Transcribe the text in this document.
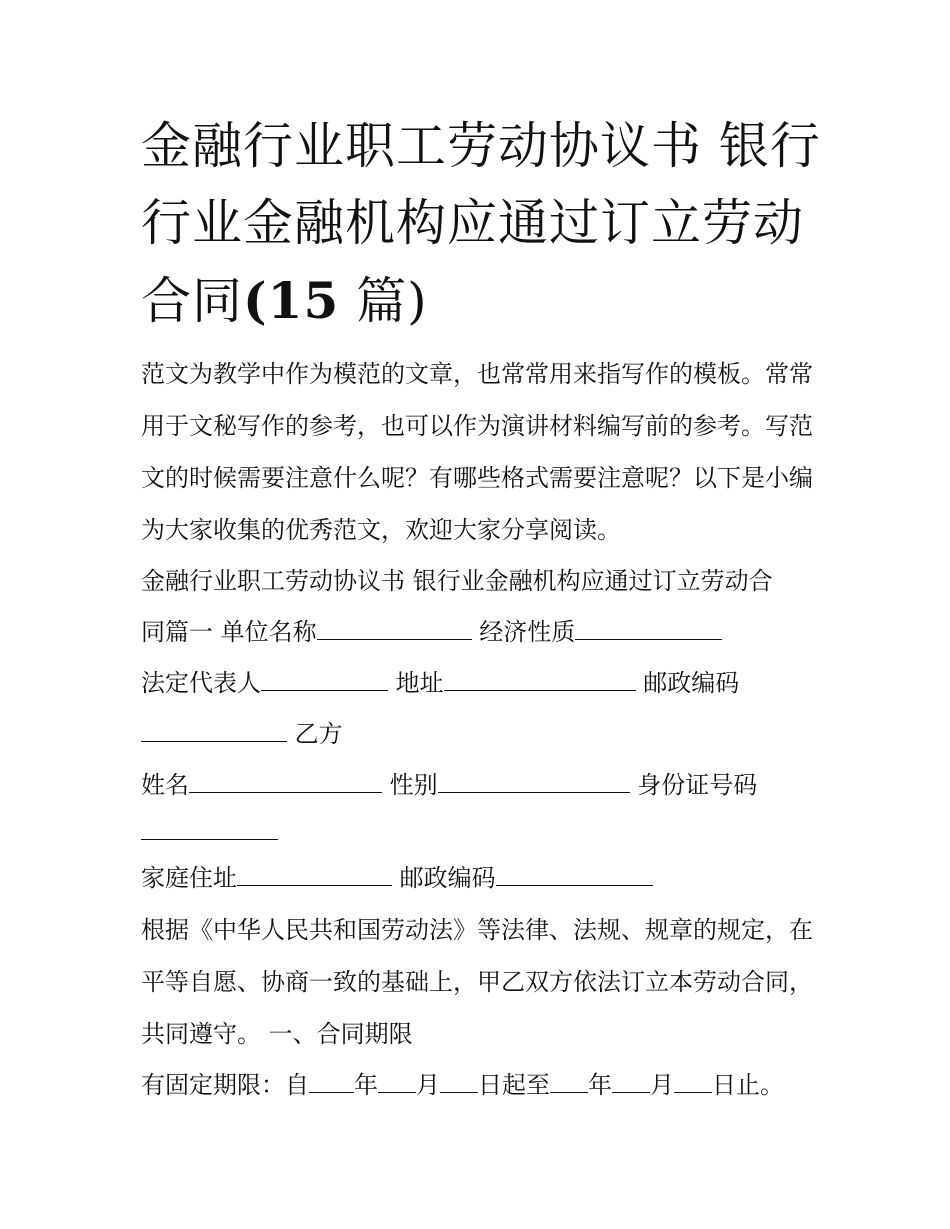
金融行业职工劳动协议书 银行行业金融机构应通过订立劳动合同(15 篇)

范文为教学中作为模范的文章，也常常用来指写作的模板。常常用于文秘写作的参考，也可以作为演讲材料编写前的参考。写范文的时候需要注意什么呢？有哪些格式需要注意呢？以下是小编为大家收集的优秀范文，欢迎大家分享阅读。

金融行业职工劳动协议书 银行业金融机构应通过订立劳动合

同篇一 单位名称	经济性质

法定代表人	地址	邮政编码

乙方

姓名	性别	身份证号码

家庭住址	邮政编码

根据《中华人民共和国劳动法》等法律、法规、规章的规定，在平等自愿、协商一致的基础上，甲乙双方依法订立本劳动合同，共同遵守。 一、合同期限

有固定期限：自 年 月 日起至 年 月 日止。
